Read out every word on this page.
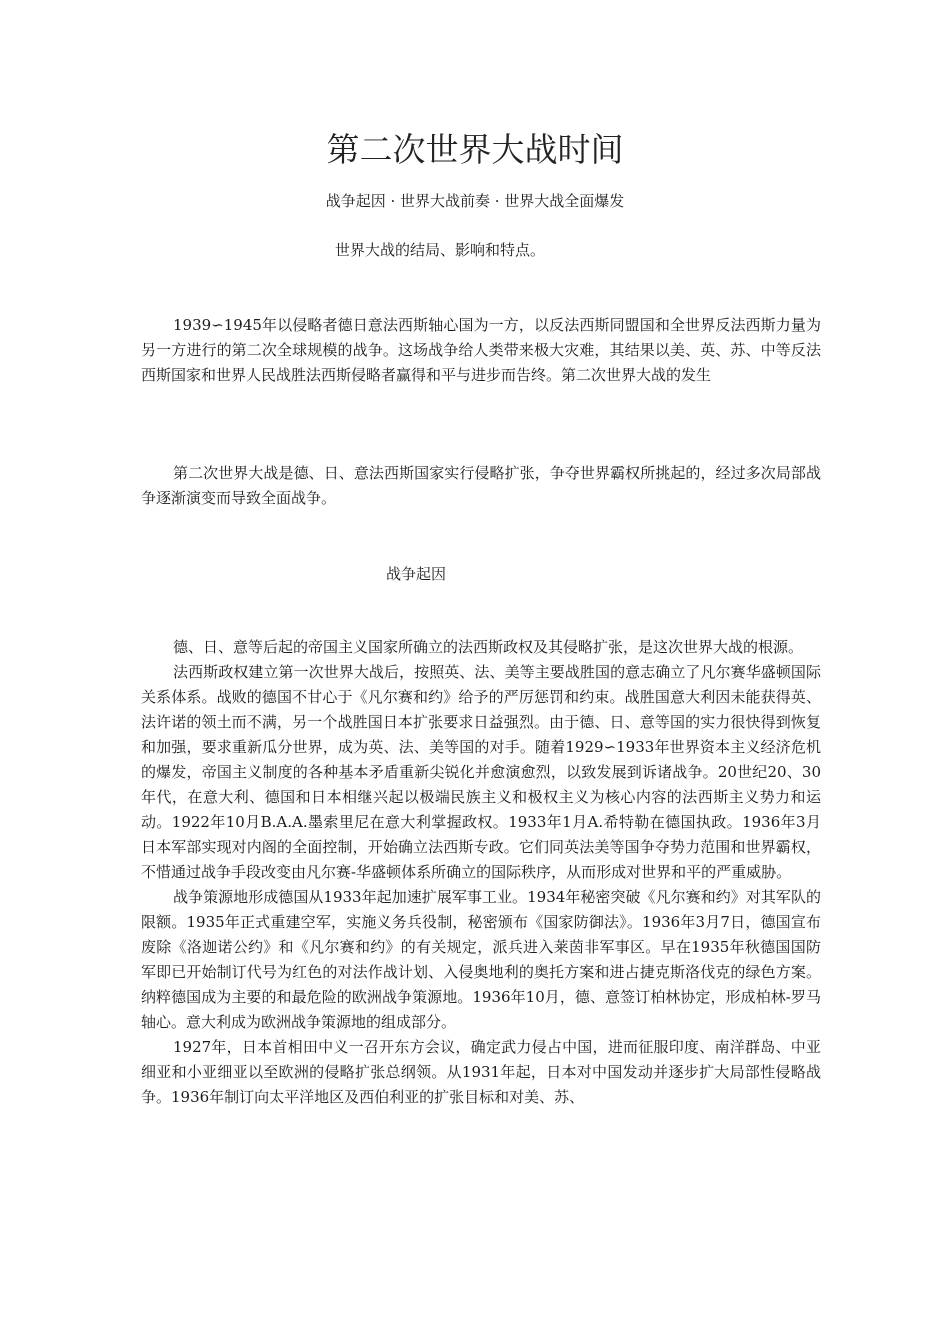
第二次世界大战时间
战争起因 · 世界大战前奏 · 世界大战全面爆发
世界大战的结局、影响和特点。

1939∽1945年以侵略者德日意法西斯轴心国为一方，以反法西斯同盟国和全世界反法西斯力量为另一方进行的第二次全球规模的战争。这场战争给人类带来极大灾难，其结果以美、英、苏、中等反法西斯国家和世界人民战胜法西斯侵略者赢得和平与进步而告终。第二次世界大战的发生

第二次世界大战是德、日、意法西斯国家实行侵略扩张，争夺世界霸权所挑起的，经过多次局部战争逐渐演变而导致全面战争。

战争起因

德、日、意等后起的帝国主义国家所确立的法西斯政权及其侵略扩张，是这次世界大战的根源。

法西斯政权建立第一次世界大战后，按照英、法、美等主要战胜国的意志确立了凡尔赛华盛顿国际关系体系。战败的德国不甘心于《凡尔赛和约》给予的严厉惩罚和约束。战胜国意大利因未能获得英、法许诺的领土而不满，另一个战胜国日本扩张要求日益强烈。由于德、日、意等国的实力很快得到恢复和加强，要求重新瓜分世界，成为英、法、美等国的对手。随着1929∽1933年世界资本主义经济危机的爆发，帝国主义制度的各种基本矛盾重新尖锐化并愈演愈烈，以致发展到诉诸战争。20世纪20、30年代，在意大利、德国和日本相继兴起以极端民族主义和极权主义为核心内容的法西斯主义势力和运动。1922年10月B.A.A.墨索里尼在意大利掌握政权。1933年1月A.希特勒在德国执政。1936年3月日本军部实现对内阁的全面控制，开始确立法西斯专政。它们同英法美等国争夺势力范围和世界霸权，不惜通过战争手段改变由凡尔赛-华盛顿体系所确立的国际秩序，从而形成对世界和平的严重威胁。

战争策源地形成德国从1933年起加速扩展军事工业。1934年秘密突破《凡尔赛和约》对其军队的限额。1935年正式重建空军，实施义务兵役制，秘密颁布《国家防御法》。1936年3月7日，德国宣布废除《洛迦诺公约》和《凡尔赛和约》的有关规定，派兵进入莱茵非军事区。早在1935年秋德国国防军即已开始制订代号为红色的对法作战计划、入侵奥地利的奥托方案和进占捷克斯洛伐克的绿色方案。纳粹德国成为主要的和最危险的欧洲战争策源地。1936年10月，德、意签订柏林协定，形成柏林-罗马轴心。意大利成为欧洲战争策源地的组成部分。

1927年，日本首相田中义一召开东方会议，确定武力侵占中国，进而征服印度、南洋群岛、中亚细亚和小亚细亚以至欧洲的侵略扩张总纲领。从1931年起，日本对中国发动并逐步扩大局部性侵略战争。1936年制订向太平洋地区及西伯利亚的扩张目标和对美、苏、
